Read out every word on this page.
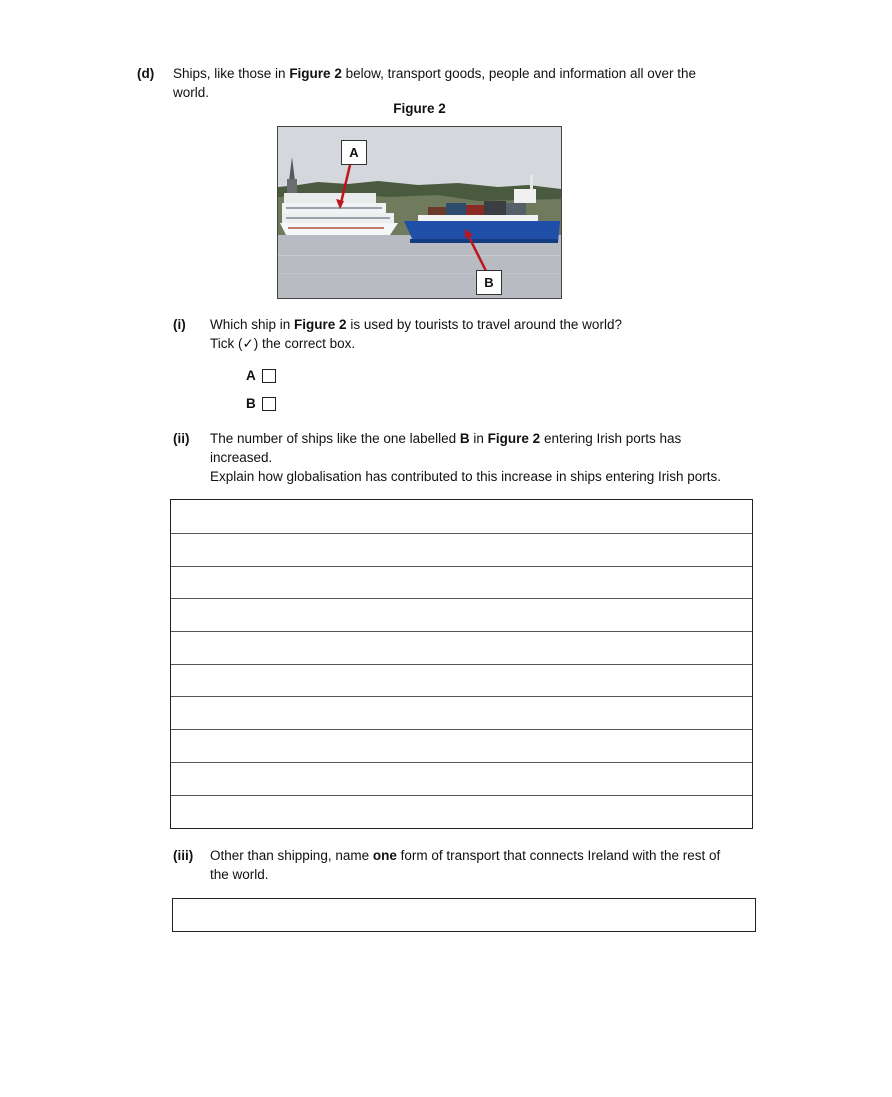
(d) Ships, like those in Figure 2 below, transport goods, people and information all over the
world.
Figure 2
A
B
(i) Which ship in Figure 2 is used by tourists to travel around the world?
Tick (✓) the correct box.
A
B
(ii) The number of ships like the one labelled B in Figure 2 entering Irish ports has
increased.
Explain how globalisation has contributed to this increase in ships entering Irish ports.
(iii) Other than shipping, name one form of transport that connects Ireland with the rest of
the world.
